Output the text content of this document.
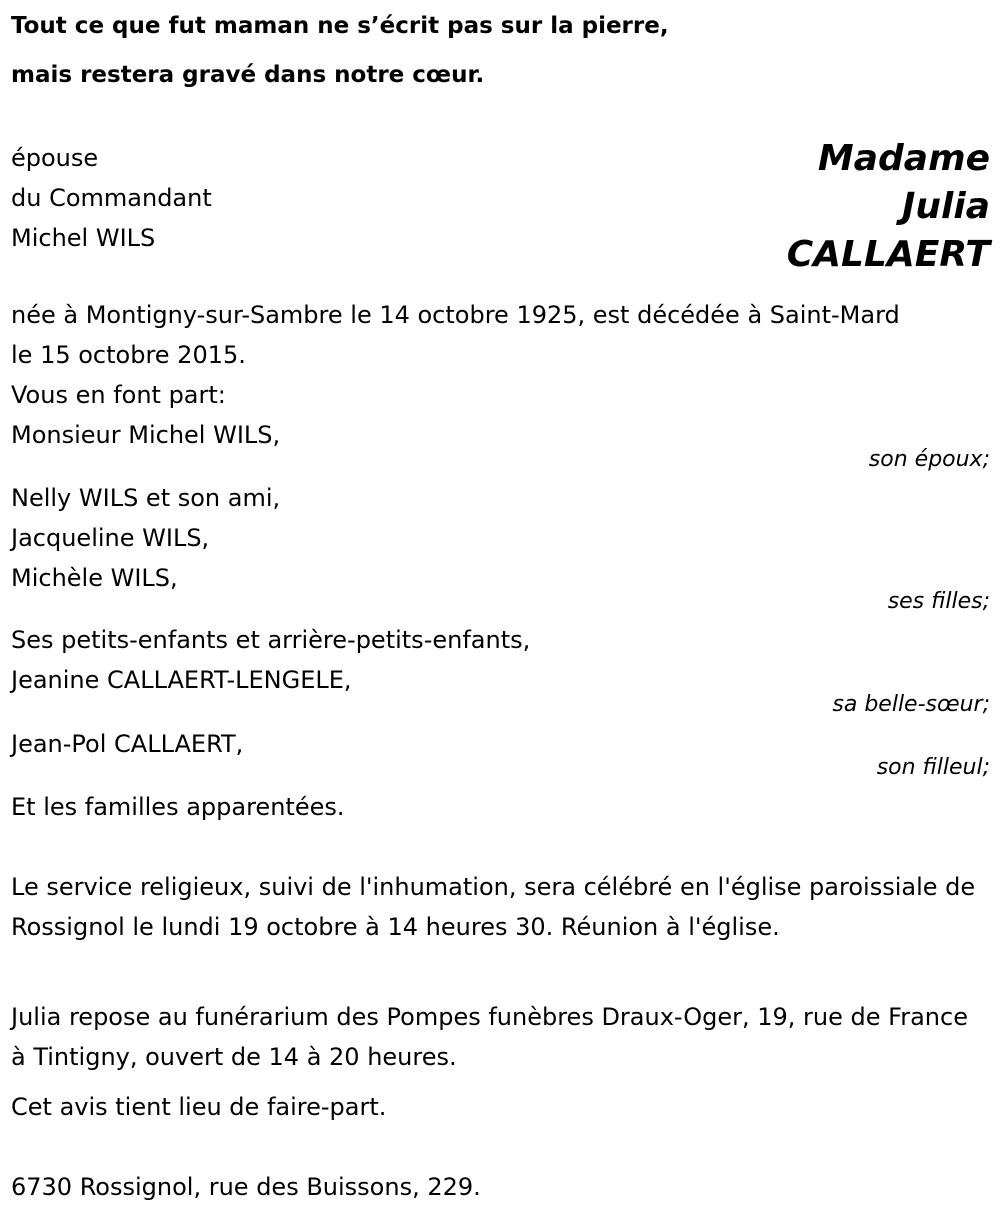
Tout ce que fut maman ne s’écrit pas sur la pierre,
mais restera gravé dans notre cœur.
épouse
du Commandant
Michel WILS
Madame
Julia
CALLAERT
née à Montigny-sur-Sambre le 14 octobre 1925, est décédée à Saint-Mard
le 15 octobre 2015.
Vous en font part:
Monsieur Michel WILS,
son époux;
Nelly WILS et son ami,
Jacqueline WILS,
Michèle WILS,
ses filles;
Ses petits-enfants et arrière-petits-enfants,
Jeanine CALLAERT-LENGELE,
sa belle-sœur;
Jean-Pol CALLAERT,
son filleul;
Et les familles apparentées.
Le service religieux, suivi de l'inhumation, sera célébré en l'église paroissiale de Rossignol le lundi 19 octobre à 14 heures 30. Réunion à l'église.
Julia repose au funérarium des Pompes funèbres Draux-Oger, 19, rue de France à Tintigny, ouvert de 14 à 20 heures.
Cet avis tient lieu de faire-part.
6730 Rossignol, rue des Buissons, 229.
